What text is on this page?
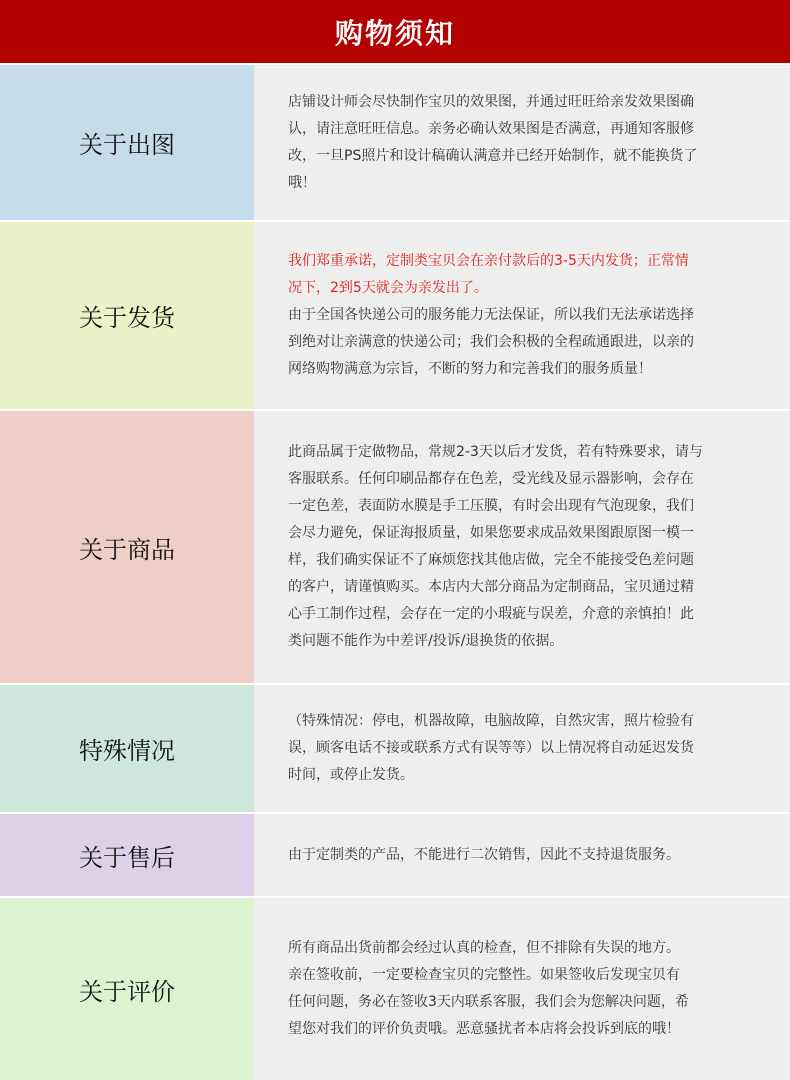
购物须知
关于出图

店铺设计师会尽快制作宝贝的效果图，并通过旺旺给亲发效果图确

认，请注意旺旺信息。亲务必确认效果图是否满意，再通知客服修

改，一旦PS照片和设计稿确认满意并已经开始制作，就不能换货了

哦！

关于发货

我们郑重承诺，定制类宝贝会在亲付款后的3-5天内发货；正常情

况下，2到5天就会为亲发出了。

由于全国各快递公司的服务能力无法保证，所以我们无法承诺选择

到绝对让亲满意的快递公司；我们会积极的全程疏通跟进，以亲的

网络购物满意为宗旨，不断的努力和完善我们的服务质量！

关于商品

此商品属于定做物品，常规2-3天以后才发货，若有特殊要求，请与

客服联系。任何印刷品都存在色差，受光线及显示器影响，会存在

一定色差，表面防水膜是手工压膜，有时会出现有气泡现象，我们

会尽力避免，保证海报质量，如果您要求成品效果图跟原图一模一

样，我们确实保证不了麻烦您找其他店做，完全不能接受色差问题

的客户，请谨慎购买。本店内大部分商品为定制商品，宝贝通过精

心手工制作过程，会存在一定的小瑕疵与误差，介意的亲慎拍！此

类问题不能作为中差评/投诉/退换货的依据。

特殊情况

（特殊情况：停电，机器故障，电脑故障，自然灾害，照片检验有

误，顾客电话不接或联系方式有误等等）以上情况将自动延迟发货

时间，或停止发货。

关于售后	由于定制类的产品，不能进行二次销售，因此不支持退货服务。

关于评价

所有商品出货前都会经过认真的检查，但不排除有失误的地方。

亲在签收前，一定要检查宝贝的完整性。如果签收后发现宝贝有

任何问题，务必在签收3天内联系客服，我们会为您解决问题，希

望您对我们的评价负责哦。恶意骚扰者本店将会投诉到底的哦！
